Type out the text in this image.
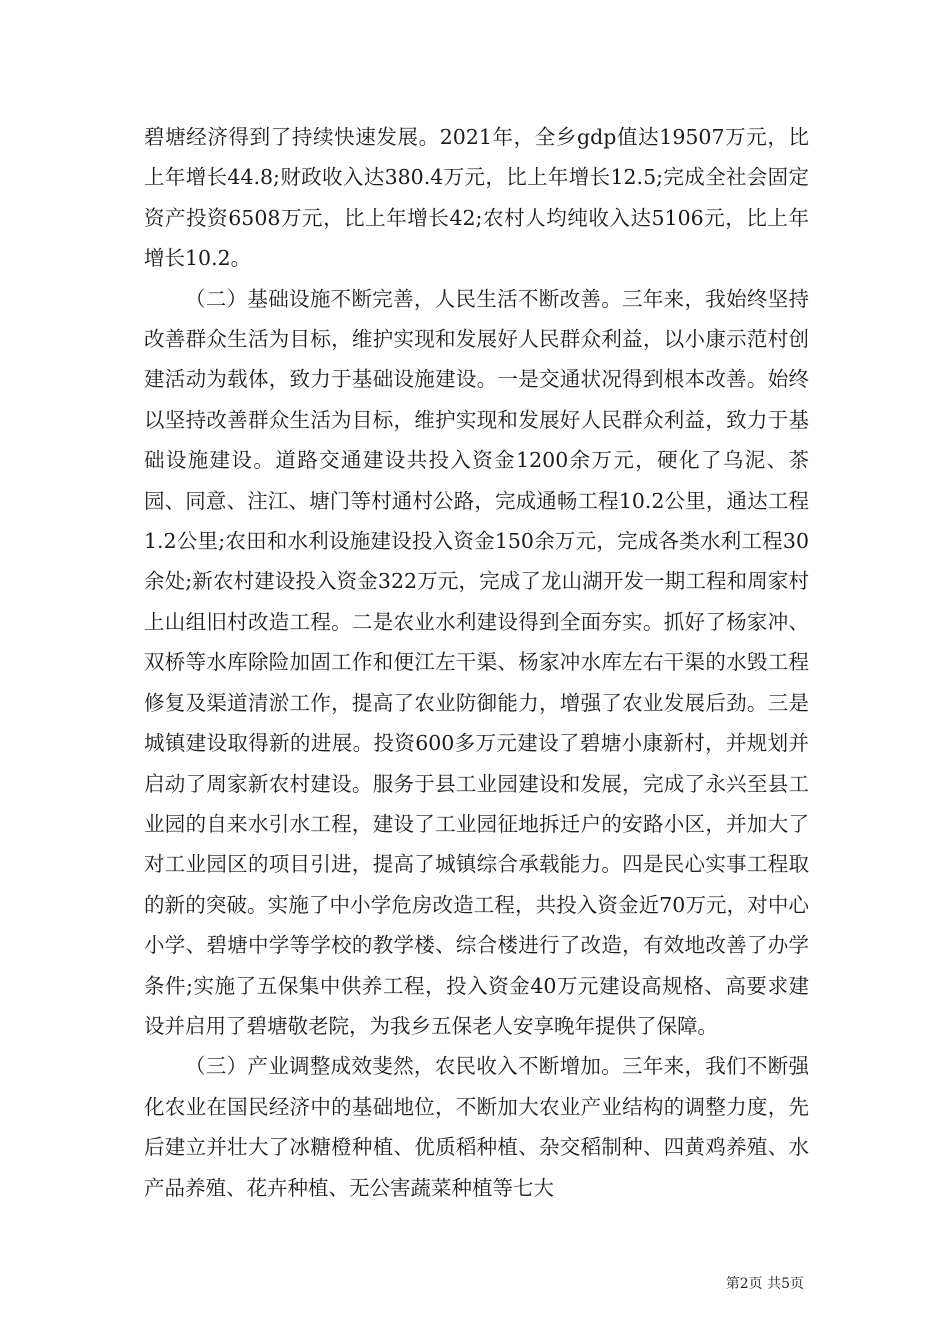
碧塘经济得到了持续快速发展。2021年，全乡gdp值达19507万元，比上年增长44.8;财政收入达380.4万元，比上年增长12.5;完成全社会固定资产投资6508万元，比上年增长42;农村人均纯收入达5106元，比上年增长10.2。

（二）基础设施不断完善，人民生活不断改善。三年来，我始终坚持改善群众生活为目标，维护实现和发展好人民群众利益，以小康示范村创建活动为载体，致力于基础设施建设。一是交通状况得到根本改善。始终以坚持改善群众生活为目标，维护实现和发展好人民群众利益，致力于基础设施建设。道路交通建设共投入资金1200余万元，硬化了乌泥、茶园、同意、注江、塘门等村通村公路，完成通畅工程10.2公里，通达工程1.2公里;农田和水利设施建设投入资金150余万元，完成各类水利工程30余处;新农村建设投入资金322万元，完成了龙山湖开发一期工程和周家村上山组旧村改造工程。二是农业水利建设得到全面夯实。抓好了杨家冲、双桥等水库除险加固工作和便江左干渠、杨家冲水库左右干渠的水毁工程修复及渠道清淤工作，提高了农业防御能力，增强了农业发展后劲。三是城镇建设取得新的进展。投资600多万元建设了碧塘小康新村，并规划并启动了周家新农村建设。服务于县工业园建设和发展，完成了永兴至县工业园的自来水引水工程，建设了工业园征地拆迁户的安路小区，并加大了对工业园区的项目引进，提高了城镇综合承载能力。四是民心实事工程取的新的突破。实施了中小学危房改造工程，共投入资金近70万元，对中心小学、碧塘中学等学校的教学楼、综合楼进行了改造，有效地改善了办学条件;实施了五保集中供养工程，投入资金40万元建设高规格、高要求建设并启用了碧塘敬老院，为我乡五保老人安享晚年提供了保障。

（三）产业调整成效斐然，农民收入不断增加。三年来，我们不断强化农业在国民经济中的基础地位，不断加大农业产业结构的调整力度，先后建立并壮大了冰糖橙种植、优质稻种植、杂交稻制种、四黄鸡养殖、水产品养殖、花卉种植、无公害蔬菜种植等七大

第2页 共5页
